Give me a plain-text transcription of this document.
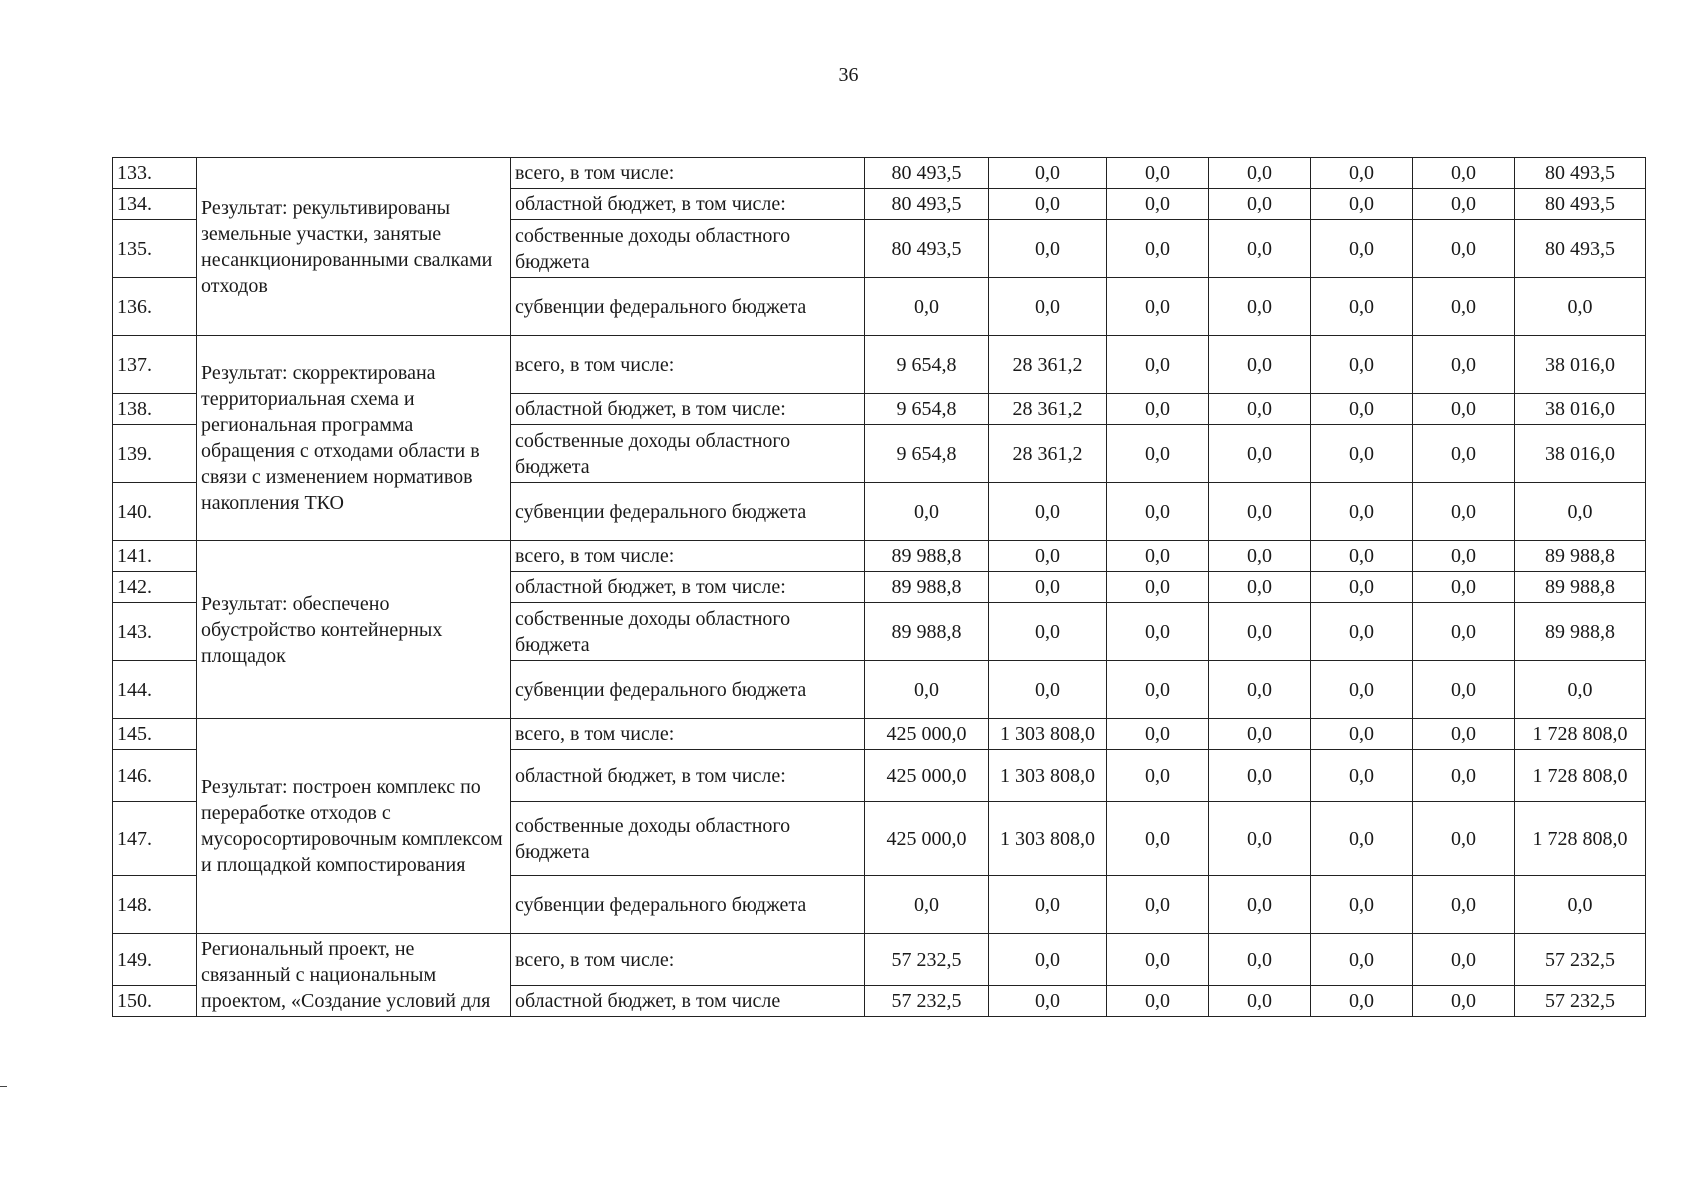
36
133.	Результат: рекультивированы земельные участки, занятые несанкционированными свалками отходов	всего, в том числе:	80 493,5	0,0	0,0	0,0	0,0	0,0	80 493,5
134.		областной бюджет, в том числе:	80 493,5	0,0	0,0	0,0	0,0	0,0	80 493,5
135.		собственные доходы областного бюджета	80 493,5	0,0	0,0	0,0	0,0	0,0	80 493,5
136.		субвенции федерального бюджета	0,0	0,0	0,0	0,0	0,0	0,0	0,0
137.	Результат: скорректирована территориальная схема и региональная программа обращения с отходами области в связи с изменением нормативов накопления ТКО	всего, в том числе:	9 654,8	28 361,2	0,0	0,0	0,0	0,0	38 016,0
138.		областной бюджет, в том числе:	9 654,8	28 361,2	0,0	0,0	0,0	0,0	38 016,0
139.		собственные доходы областного бюджета	9 654,8	28 361,2	0,0	0,0	0,0	0,0	38 016,0
140.		субвенции федерального бюджета	0,0	0,0	0,0	0,0	0,0	0,0	0,0
141.	Результат: обеспечено обустройство контейнерных площадок	всего, в том числе:	89 988,8	0,0	0,0	0,0	0,0	0,0	89 988,8
142.		областной бюджет, в том числе:	89 988,8	0,0	0,0	0,0	0,0	0,0	89 988,8
143.		собственные доходы областного бюджета	89 988,8	0,0	0,0	0,0	0,0	0,0	89 988,8
144.		субвенции федерального бюджета	0,0	0,0	0,0	0,0	0,0	0,0	0,0
145.	Результат: построен комплекс по переработке отходов с мусоросортировочным комплексом и площадкой компостирования	всего, в том числе:	425 000,0	1 303 808,0	0,0	0,0	0,0	0,0	1 728 808,0
146.		областной бюджет, в том числе:	425 000,0	1 303 808,0	0,0	0,0	0,0	0,0	1 728 808,0
147.		собственные доходы областного бюджета	425 000,0	1 303 808,0	0,0	0,0	0,0	0,0	1 728 808,0
148.		субвенции федерального бюджета	0,0	0,0	0,0	0,0	0,0	0,0	0,0
149.	Региональный проект, не связанный с национальным проектом, «Создание условий для	всего, в том числе:	57 232,5	0,0	0,0	0,0	0,0	0,0	57 232,5
150.		областной бюджет, в том числе	57 232,5	0,0	0,0	0,0	0,0	0,0	57 232,5
